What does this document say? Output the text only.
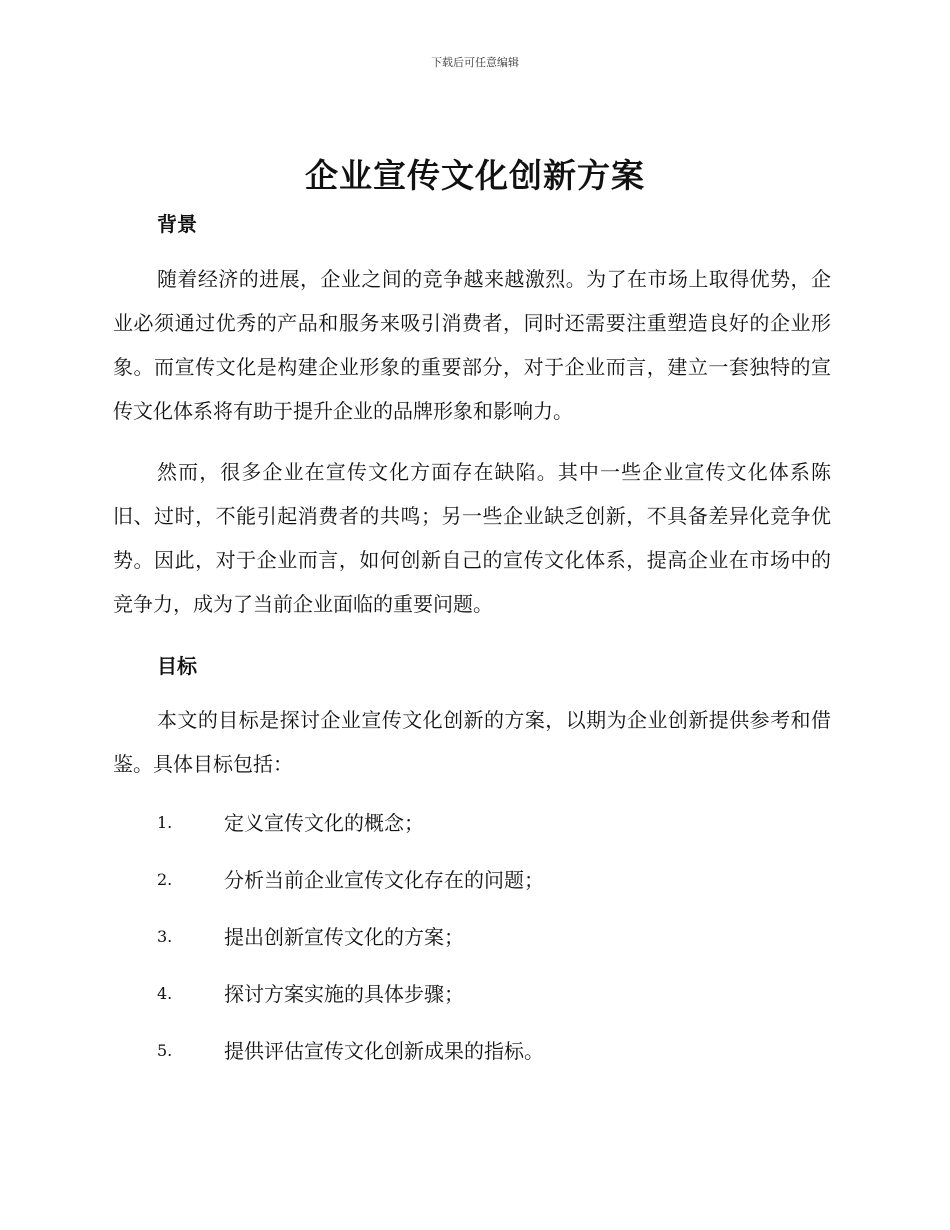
下载后可任意编辑
企业宣传文化创新方案
背景
随着经济的进展，企业之间的竞争越来越激烈。为了在市场上取得优势，企业必须通过优秀的产品和服务来吸引消费者，同时还需要注重塑造良好的企业形象。而宣传文化是构建企业形象的重要部分，对于企业而言，建立一套独特的宣传文化体系将有助于提升企业的品牌形象和影响力。
然而，很多企业在宣传文化方面存在缺陷。其中一些企业宣传文化体系陈旧、过时，不能引起消费者的共鸣；另一些企业缺乏创新，不具备差异化竞争优势。因此，对于企业而言，如何创新自己的宣传文化体系，提高企业在市场中的竞争力，成为了当前企业面临的重要问题。
目标
本文的目标是探讨企业宣传文化创新的方案，以期为企业创新提供参考和借鉴。具体目标包括：
1.	定义宣传文化的概念；
2.	分析当前企业宣传文化存在的问题；
3.	提出创新宣传文化的方案；
4.	探讨方案实施的具体步骤；
5.	提供评估宣传文化创新成果的指标。
